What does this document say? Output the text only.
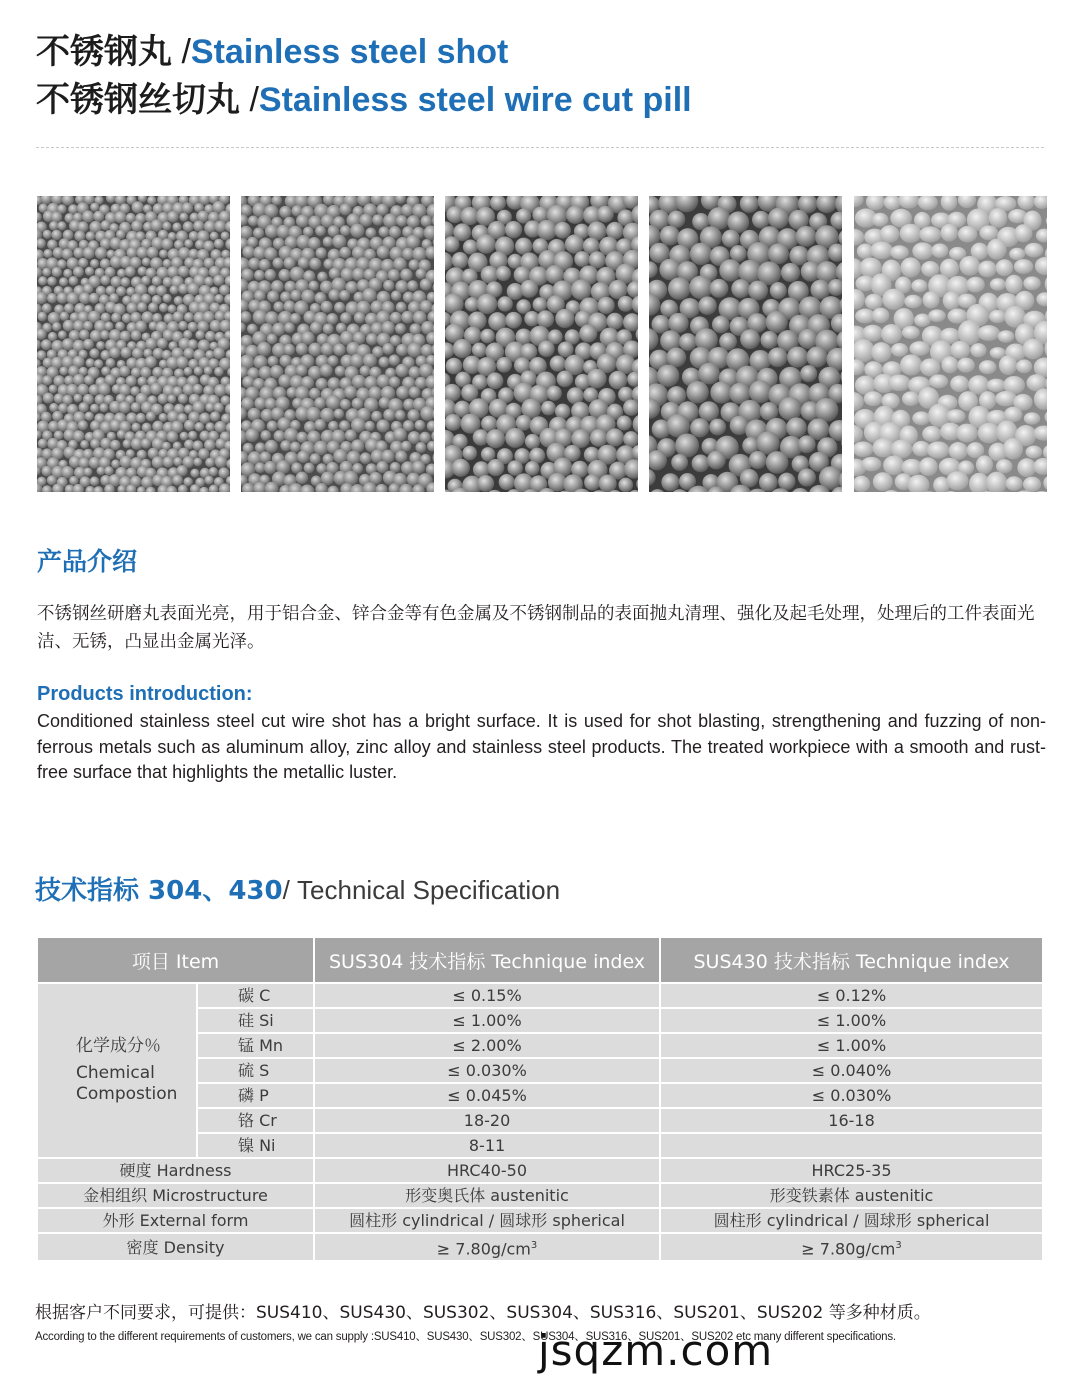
不锈钢丸 /Stainless steel shot
不锈钢丝切丸 /Stainless steel wire cut pill
产品介绍
不锈钢丝研磨丸表面光亮，用于铝合金、锌合金等有色金属及不锈钢制品的表面抛丸清理、强化及起毛处理，处理后的工件表面光洁、无锈，凸显出金属光泽。
Products introduction:
Conditioned stainless steel cut wire shot has a bright surface. It is used for shot blasting, strengthening and fuzzing of non-ferrous metals such as aluminum alloy, zinc alloy and stainless steel products. The treated workpiece with a smooth and rust-free surface that highlights the metallic luster.
技术指标 304、430/ Technical Specification
项目 Item		SUS304 技术指标 Technique index	SUS430 技术指标 Technique index

化学成分％
Chemical
Compostion	碳 C	≤ 0.15%	≤ 0.12%
	硅 Si	≤ 1.00%	≤ 1.00%
	锰 Mn	≤ 2.00%	≤ 1.00%
	硫 S	≤ 0.030%	≤ 0.040%
	磷 P	≤ 0.045%	≤ 0.030%
	铬 Cr	18-20	16-18
	镍 Ni	8-11	
硬度 Hardness		HRC40-50	HRC25-35
金相组织 Microstructure		形变奥氏体 austenitic	形变铁素体 austenitic
外形 External form		圆柱形 cylindrical / 圆球形 spherical	圆柱形 cylindrical / 圆球形 spherical
密度 Density		≥ $7.80g/cm^3$	≥ $7.80g/cm^3$
根据客户不同要求，可提供：SUS410、SUS430、SUS302、SUS304、SUS316、SUS201、SUS202 等多种材质。
According to the different requirements of customers, we can supply :SUS410、SUS430、SUS302、SUS304、SUS316、SUS201、SUS202 etc many different specifications.
jsqzm.com
